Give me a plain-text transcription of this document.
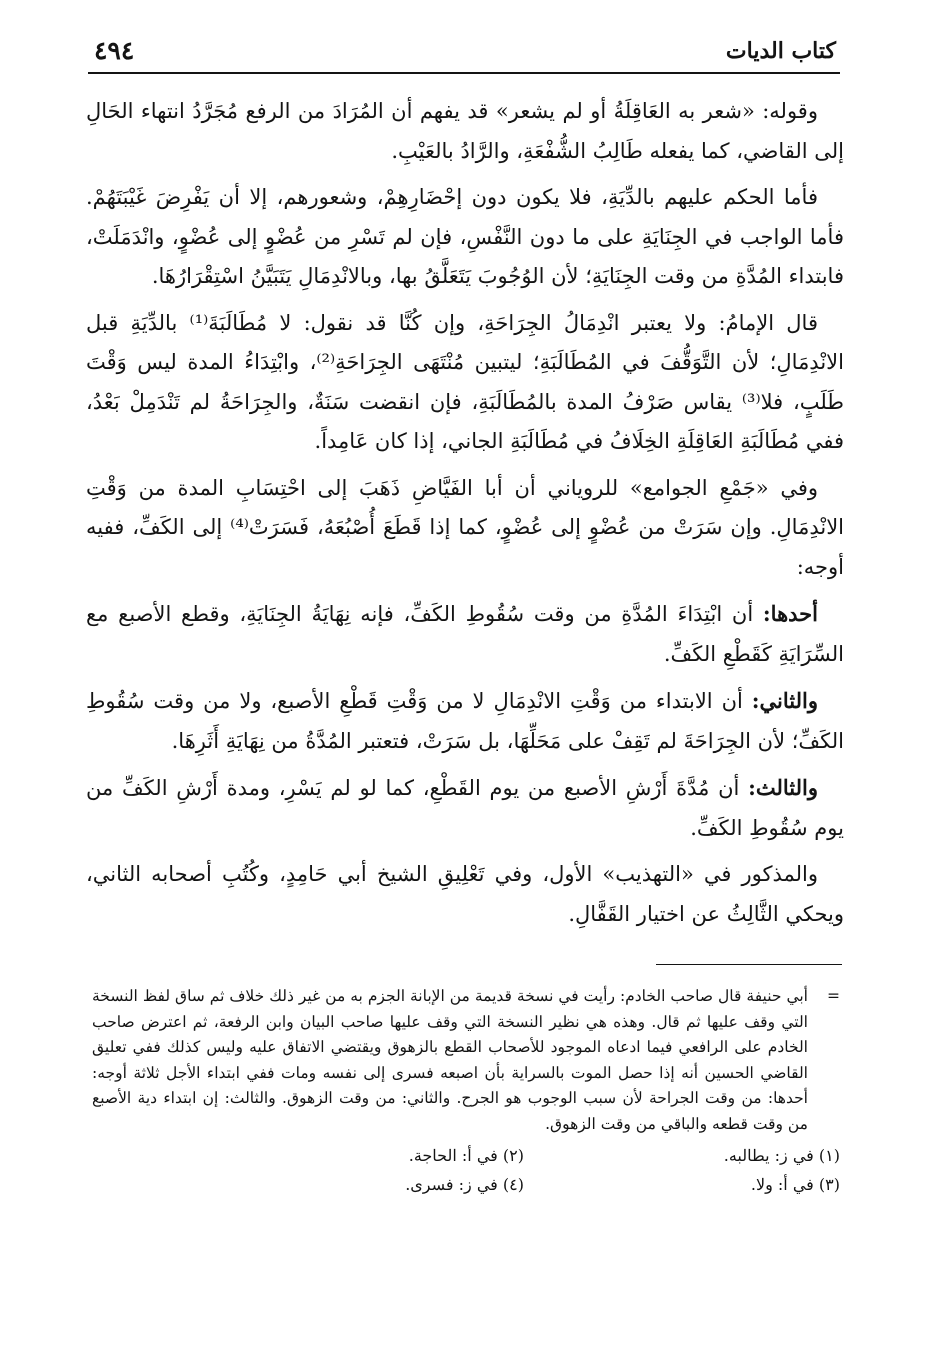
٤٩٤	كتاب الديات

وقوله: «شعر به العَاقِلَةُ أو لم يشعر» قد يفهم أن المُرَادَ من الرفع مُجَرَّدُ انتهاء الحَالِ إلى القاضي، كما يفعله طَالِبُ الشُّفْعَةِ، والرَّادُ بالعَيْبِ.

فأما الحكم عليهم بالدِّيَةِ، فلا يكون دون إحْضَارِهِمْ، وشعورهم، إلا أن يَفْرِضَ غَيْبَتَهُمْ. فأما الواجب في الجِنَايَةِ على ما دون النَّفْسِ، فإن لم تَسْرِ من عُضْوٍ إلى عُضْوٍ، وانْدَمَلَتْ، فابتداء المُدَّةِ من وقت الجِنَايَةِ؛ لأن الوُجُوبَ يَتَعَلَّقُ بها، وبالانْدِمَالِ يَتَبَيَّنُ اسْتِقْرَارُهَا.

قال الإمامُ: ولا يعتبر انْدِمَالُ الجِرَاحَةِ، وإن كُنَّا قد نقول: لا مُطَالَبَةَ⁽¹⁾ بالدِّيَةِ قبل الانْدِمَالِ؛ لأن التَّوَقُّفَ في المُطَالَبَةِ؛ ليتبين مُنْتَهَى الجِرَاحَةِ⁽²⁾، وابْتِدَاءُ المدة ليس وَقْتَ طَلَبٍ، فلا⁽³⁾ يقاس صَرْفُ المدة بالمُطَالَبَةِ، فإن انقضت سَنَةٌ، والجِرَاحَةُ لم تَنْدَمِلْ بَعْدُ، ففي مُطَالَبَةِ العَاقِلَةِ الخِلَافُ في مُطَالَبَةِ الجاني، إذا كان عَامِداً.

وفي «جَمْعِ الجوامع» للروياني أن أبا الفَيَّاضِ ذَهَبَ إلى احْتِسَابِ المدة من وَقْتِ الانْدِمَالِ. وإن سَرَتْ من عُضْوٍ إلى عُضْوٍ، كما إذا قَطَعَ أُصْبُعَهُ، فَسَرَتْ⁽⁴⁾ إلى الكَفِّ، ففيه أوجه:

أحدها: أن ابْتِدَاءَ المُدَّةِ من وقت سُقُوطِ الكَفِّ، فإنه نِهَايَةُ الجِنَايَةِ، وقطع الأصبع مع السِّرَايَةِ كَقَطْعِ الكَفِّ.

والثاني: أن الابتداء من وَقْتِ الانْدِمَالِ لا من وَقْتِ قَطْعِ الأصبع، ولا من وقت سُقُوطِ الكَفِّ؛ لأن الجِرَاحَةَ لم تَقِفْ على مَحَلِّهَا، بل سَرَتْ، فتعتبر المُدَّةُ من نِهَايَةِ أَثَرِهَا.

والثالث: أن مُدَّةَ أَرْشِ الأصبع من يوم القَطْعِ، كما لو لم يَسْرِ، ومدة أَرْشِ الكَفِّ من يوم سُقُوطِ الكَفِّ.

والمذكور في «التهذيب» الأول، وفي تَعْلِيقِ الشيخ أبي حَامِدٍ، وكُتُبِ أصحابه الثاني، ويحكي الثَّالِثُ عن اختيار القَفَّالِ.

=
أبي حنيفة قال صاحب الخادم: رأيت في نسخة قديمة من الإبانة الجزم به من غير ذلك خلاف ثم ساق لفظ النسخة التي وقف عليها ثم قال. وهذه هي نظير النسخة التي وقف عليها صاحب البيان وابن الرفعة، ثم اعترض صاحب الخادم على الرافعي فيما ادعاه الموجود للأصحاب القطع بالزهوق ويقتضي الاتفاق عليه وليس كذلك ففي تعليق القاضي الحسين أنه إذا حصل الموت بالسراية بأن اصبعه فسرى إلى نفسه ومات ففي ابتداء الأجل ثلاثة أوجه: أحدها: من وقت الجراحة لأن سبب الوجوب هو الجرح. والثاني: من وقت الزهوق. والثالث: إن ابتداء دية الأصبع من وقت قطعه والباقي من وقت الزهوق.

(١) في ز: يطالبه.
(٢) في أ: الحاجة.
(٣) في أ: ولا.
(٤) في ز: فسرى.
